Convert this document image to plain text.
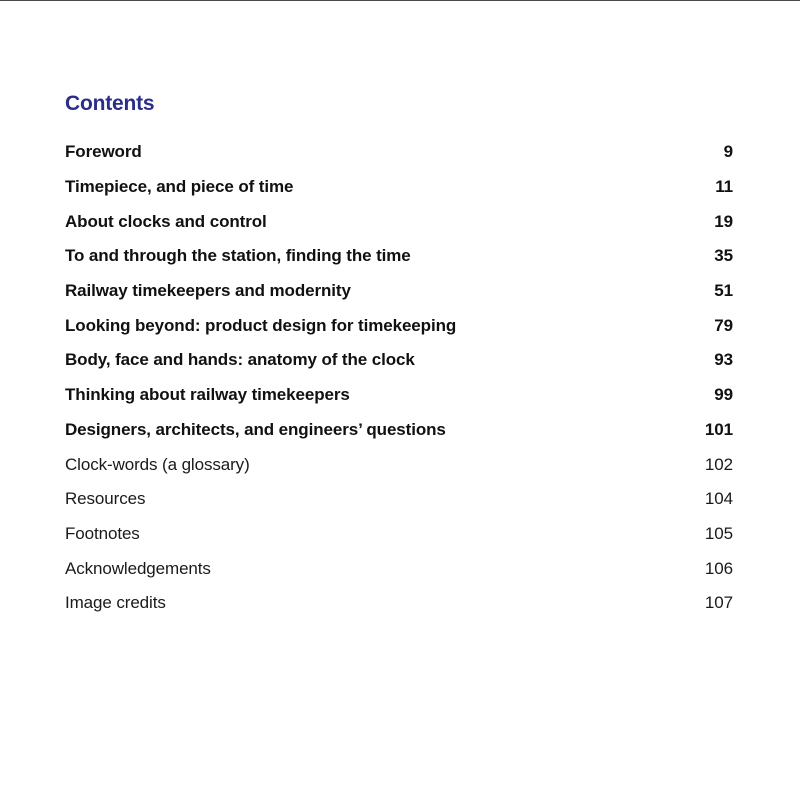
Contents
Foreword	9
Timepiece, and piece of time	11
About clocks and control	19
To and through the station, finding the time	35
Railway timekeepers and modernity	51
Looking beyond: product design for timekeeping	79
Body, face and hands: anatomy of the clock	93
Thinking about railway timekeepers	99
Designers, architects, and engineers’ questions	101
Clock-words (a glossary)	102
Resources	104
Footnotes	105
Acknowledgements	106
Image credits	107
